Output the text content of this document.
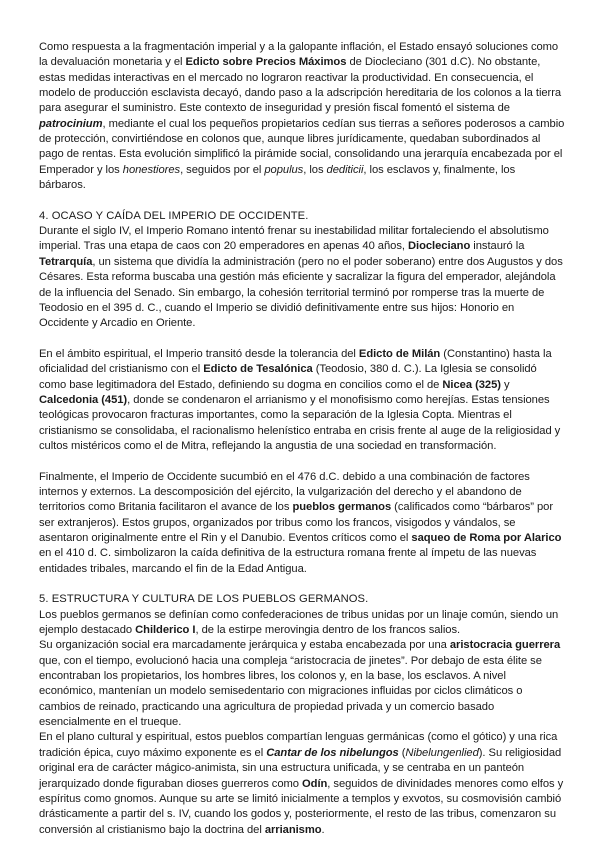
Como respuesta a la fragmentación imperial y a la galopante inflación, el Estado ensayó soluciones como la devaluación monetaria y el Edicto sobre Precios Máximos de Diocleciano (301 d.C). No obstante, estas medidas interactivas en el mercado no lograron reactivar la productividad. En consecuencia, el modelo de producción esclavista decayó, dando paso a la adscripción hereditaria de los colonos a la tierra para asegurar el suministro. Este contexto de inseguridad y presión fiscal fomentó el sistema de patrocinium, mediante el cual los pequeños propietarios cedían sus tierras a señores poderosos a cambio de protección, convirtiéndose en colonos que, aunque libres jurídicamente, quedaban subordinados al pago de rentas. Esta evolución simplificó la pirámide social, consolidando una jerarquía encabezada por el Emperador y los honestiores, seguidos por el populus, los dediticii, los esclavos y, finalmente, los bárbaros.

4. OCASO Y CAÍDA DEL IMPERIO DE OCCIDENTE.

Durante el siglo IV, el Imperio Romano intentó frenar su inestabilidad militar fortaleciendo el absolutismo imperial. Tras una etapa de caos con 20 emperadores en apenas 40 años, Diocleciano instauró la Tetrarquía, un sistema que dividía la administración (pero no el poder soberano) entre dos Augustos y dos Césares. Esta reforma buscaba una gestión más eficiente y sacralizar la figura del emperador, alejándola de la influencia del Senado. Sin embargo, la cohesión territorial terminó por romperse tras la muerte de Teodosio en el 395 d. C., cuando el Imperio se dividió definitivamente entre sus hijos: Honorio en Occidente y Arcadio en Oriente.

En el ámbito espiritual, el Imperio transitó desde la tolerancia del Edicto de Milán (Constantino) hasta la oficialidad del cristianismo con el Edicto de Tesalónica (Teodosio, 380 d. C.). La Iglesia se consolidó como base legitimadora del Estado, definiendo su dogma en concilios como el de Nicea (325) y Calcedonia (451), donde se condenaron el arrianismo y el monofisismo como herejías. Estas tensiones teológicas provocaron fracturas importantes, como la separación de la Iglesia Copta. Mientras el cristianismo se consolidaba, el racionalismo helenístico entraba en crisis frente al auge de la religiosidad y cultos mistéricos como el de Mitra, reflejando la angustia de una sociedad en transformación.

Finalmente, el Imperio de Occidente sucumbió en el 476 d.C. debido a una combinación de factores internos y externos. La descomposición del ejército, la vulgarización del derecho y el abandono de territorios como Britania facilitaron el avance de los pueblos germanos (calificados como “bárbaros” por ser extranjeros). Estos grupos, organizados por tribus como los francos, visigodos y vándalos, se asentaron originalmente entre el Rin y el Danubio. Eventos críticos como el saqueo de Roma por Alarico en el 410 d. C. simbolizaron la caída definitiva de la estructura romana frente al ímpetu de las nuevas entidades tribales, marcando el fin de la Edad Antigua.

5. ESTRUCTURA Y CULTURA DE LOS PUEBLOS GERMANOS.

Los pueblos germanos se definían como confederaciones de tribus unidas por un linaje común, siendo un ejemplo destacado Childerico I, de la estirpe merovingia dentro de los francos salios.

Su organización social era marcadamente jerárquica y estaba encabezada por una aristocracia guerrera que, con el tiempo, evolucionó hacia una compleja “aristocracia de jinetes”. Por debajo de esta élite se encontraban los propietarios, los hombres libres, los colonos y, en la base, los esclavos. A nivel económico, mantenían un modelo semisedentario con migraciones influidas por ciclos climáticos o cambios de reinado, practicando una agricultura de propiedad privada y un comercio basado esencialmente en el trueque.

En el plano cultural y espiritual, estos pueblos compartían lenguas germánicas (como el gótico) y una rica tradición épica, cuyo máximo exponente es el Cantar de los nibelungos (Nibelungenlied). Su religiosidad original era de carácter mágico-animista, sin una estructura unificada, y se centraba en un panteón jerarquizado donde figuraban dioses guerreros como Odín, seguidos de divinidades menores como elfos y espíritus como gnomos. Aunque su arte se limitó inicialmente a templos y exvotos, su cosmovisión cambió drásticamente a partir del s. IV, cuando los godos y, posteriormente, el resto de las tribus, comenzaron su conversión al cristianismo bajo la doctrina del arrianismo.
